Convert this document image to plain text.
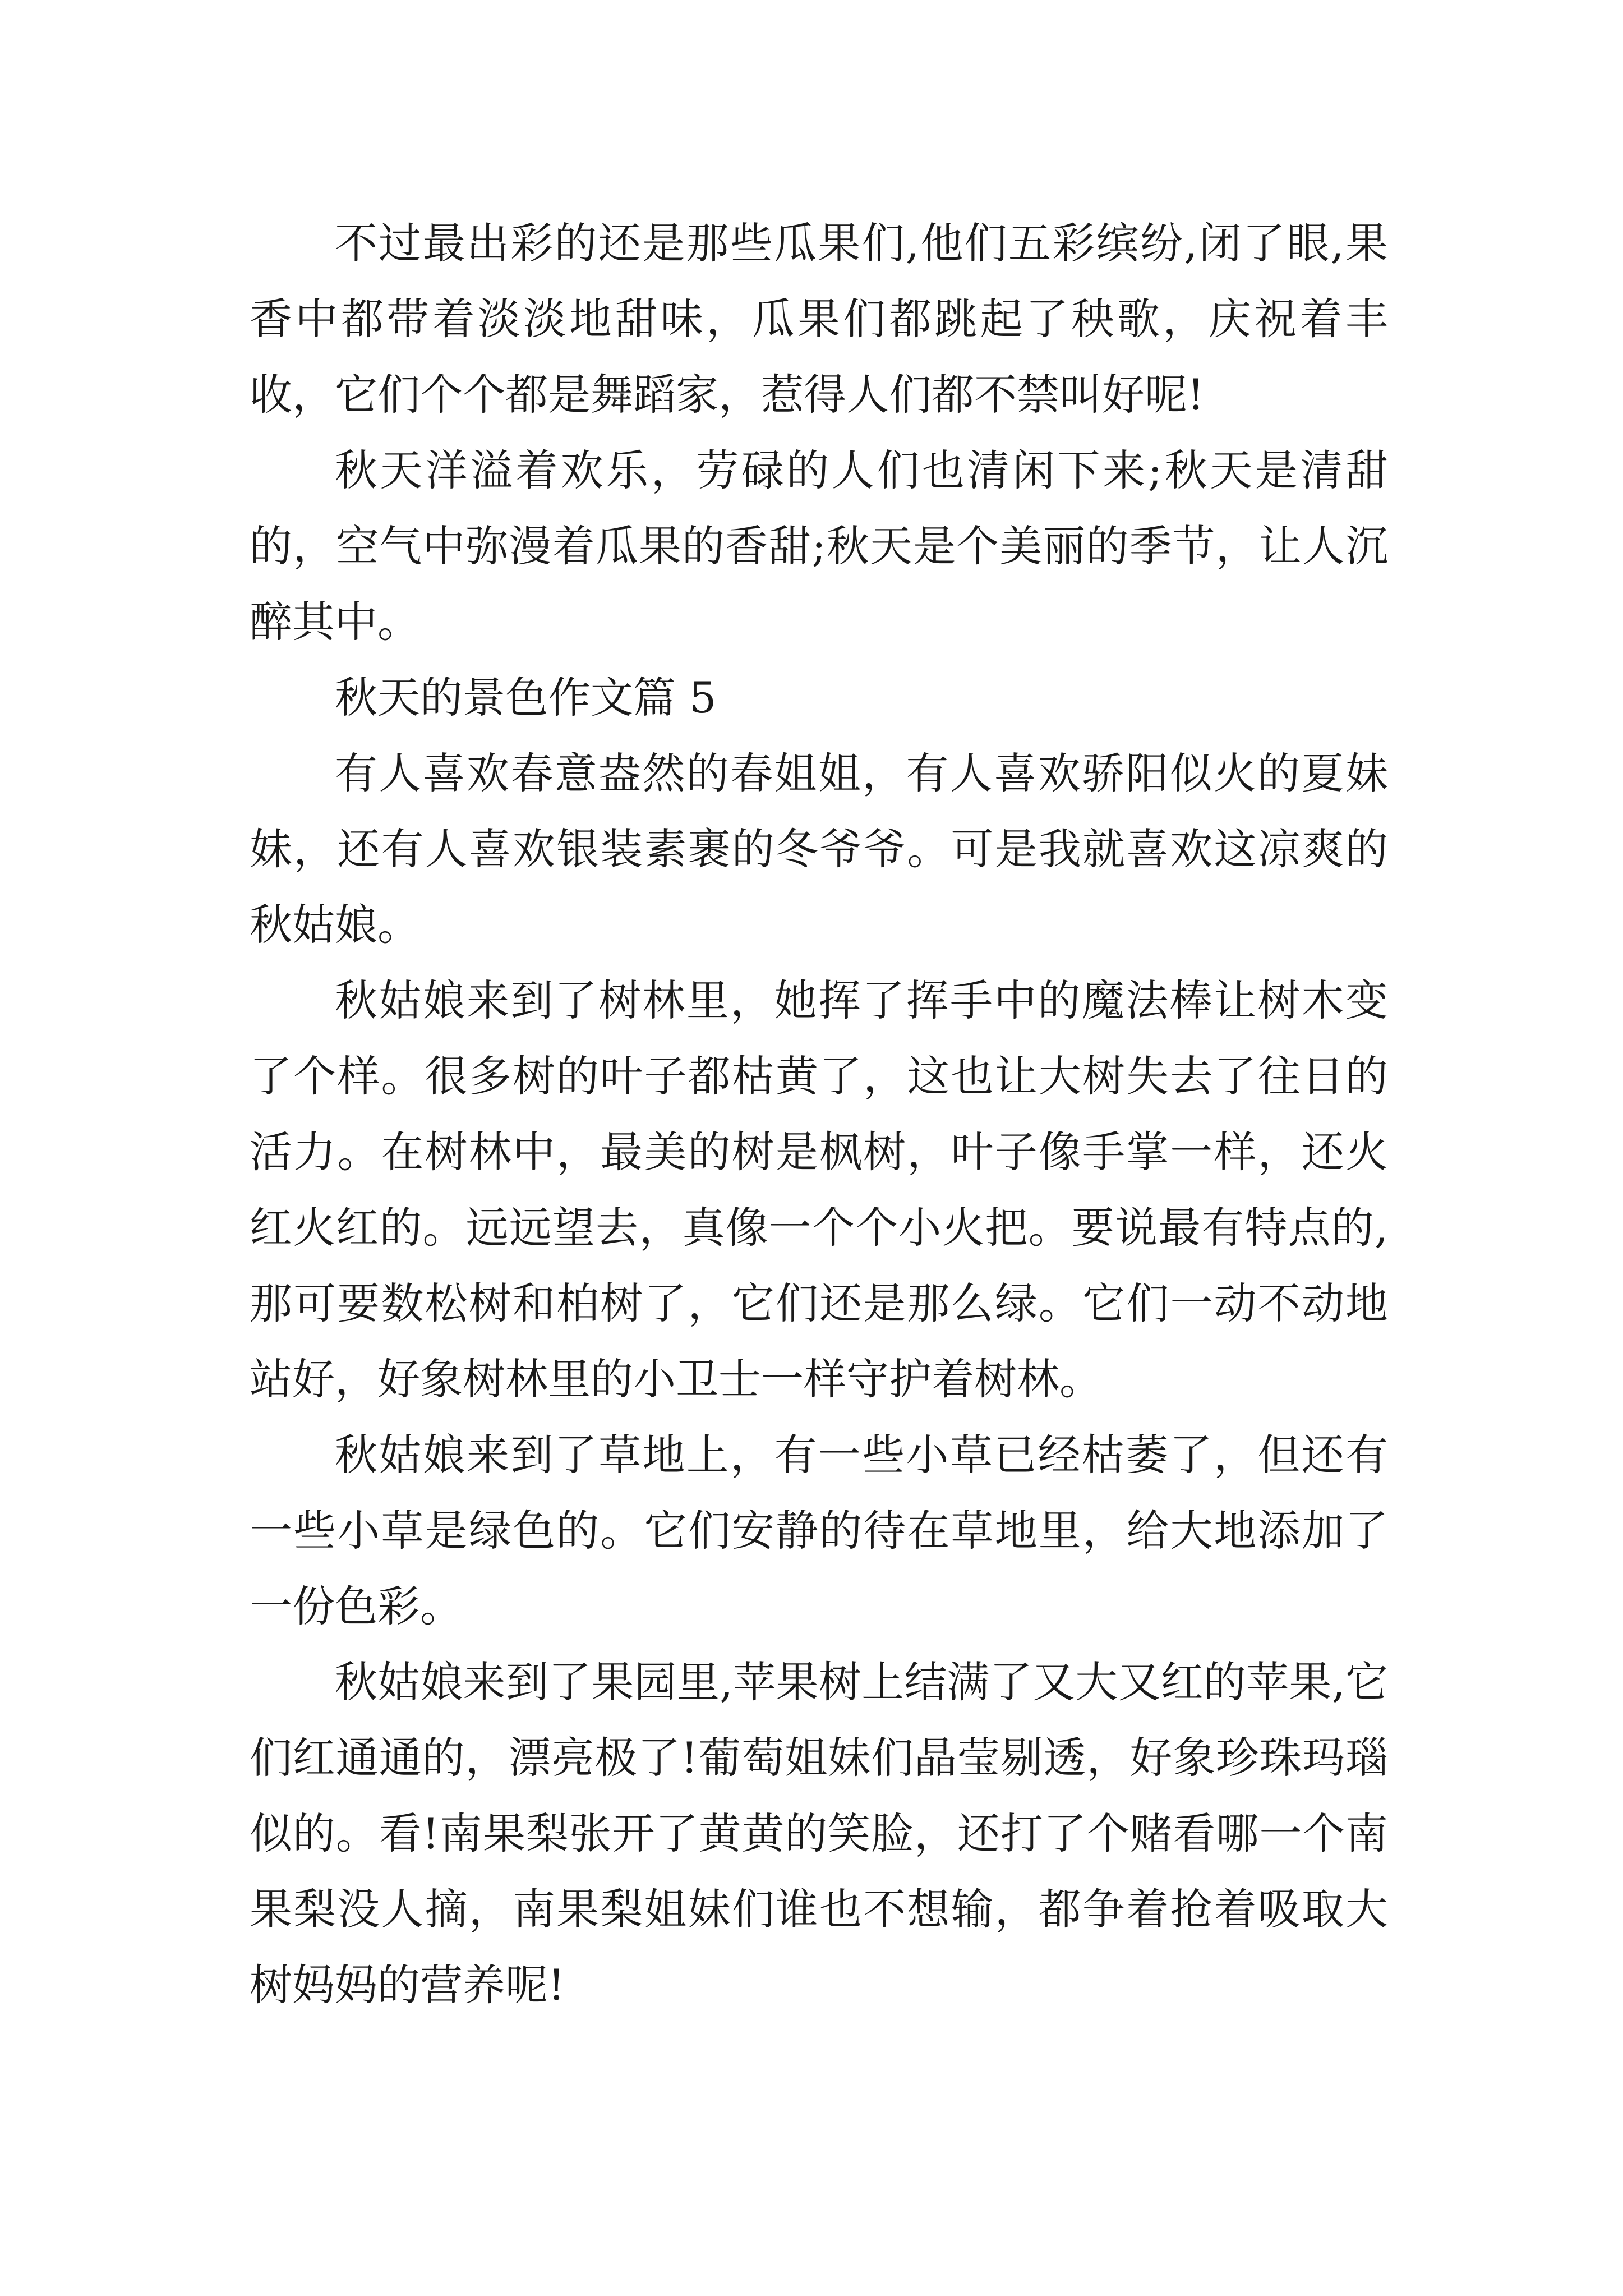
不过最出彩的还是那些瓜果们,他们五彩缤纷,闭了眼,果香中都带着淡淡地甜味，瓜果们都跳起了秧歌，庆祝着丰收，它们个个都是舞蹈家，惹得人们都不禁叫好呢!

秋天洋溢着欢乐，劳碌的人们也清闲下来;秋天是清甜的，空气中弥漫着瓜果的香甜;秋天是个美丽的季节，让人沉醉其中。

秋天的景色作文篇 5

有人喜欢春意盎然的春姐姐，有人喜欢骄阳似火的夏妹妹，还有人喜欢银装素裹的冬爷爷。可是我就喜欢这凉爽的秋姑娘。

秋姑娘来到了树林里，她挥了挥手中的魔法棒让树木变了个样。很多树的叶子都枯黄了，这也让大树失去了往日的活力。在树林中，最美的树是枫树，叶子像手掌一样，还火红火红的。远远望去，真像一个个小火把。要说最有特点的,那可要数松树和柏树了，它们还是那么绿。它们一动不动地站好，好象树林里的小卫士一样守护着树林。

秋姑娘来到了草地上，有一些小草已经枯萎了，但还有一些小草是绿色的。它们安静的待在草地里，给大地添加了一份色彩。

秋姑娘来到了果园里,苹果树上结满了又大又红的苹果,它们红通通的，漂亮极了!葡萄姐妹们晶莹剔透，好象珍珠玛瑙似的。看!南果梨张开了黄黄的笑脸，还打了个赌看哪一个南果梨没人摘，南果梨姐妹们谁也不想输，都争着抢着吸取大树妈妈的营养呢!
